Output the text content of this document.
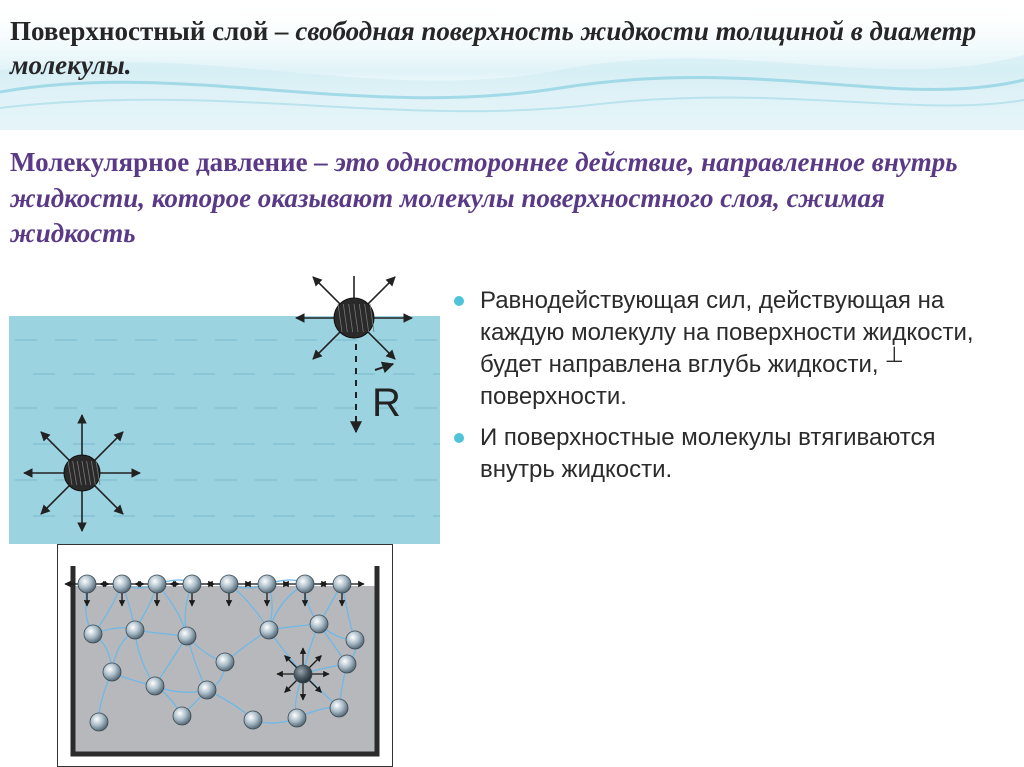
Поверхностный слой – свободная поверхность жидкости толщиной в диаметр молекулы.

Молекулярное давление – это одностороннее действие, направленное внутрь жидкости, которое оказывают молекулы поверхностного слоя, сжимая жидкость

R
Равнодействующая сил, действующая на каждую молекулу на поверхности жидкости, будет направлена вглубь жидкости, ⊥ поверхности.
И поверхностные молекулы втягиваются внутрь жидкости.
